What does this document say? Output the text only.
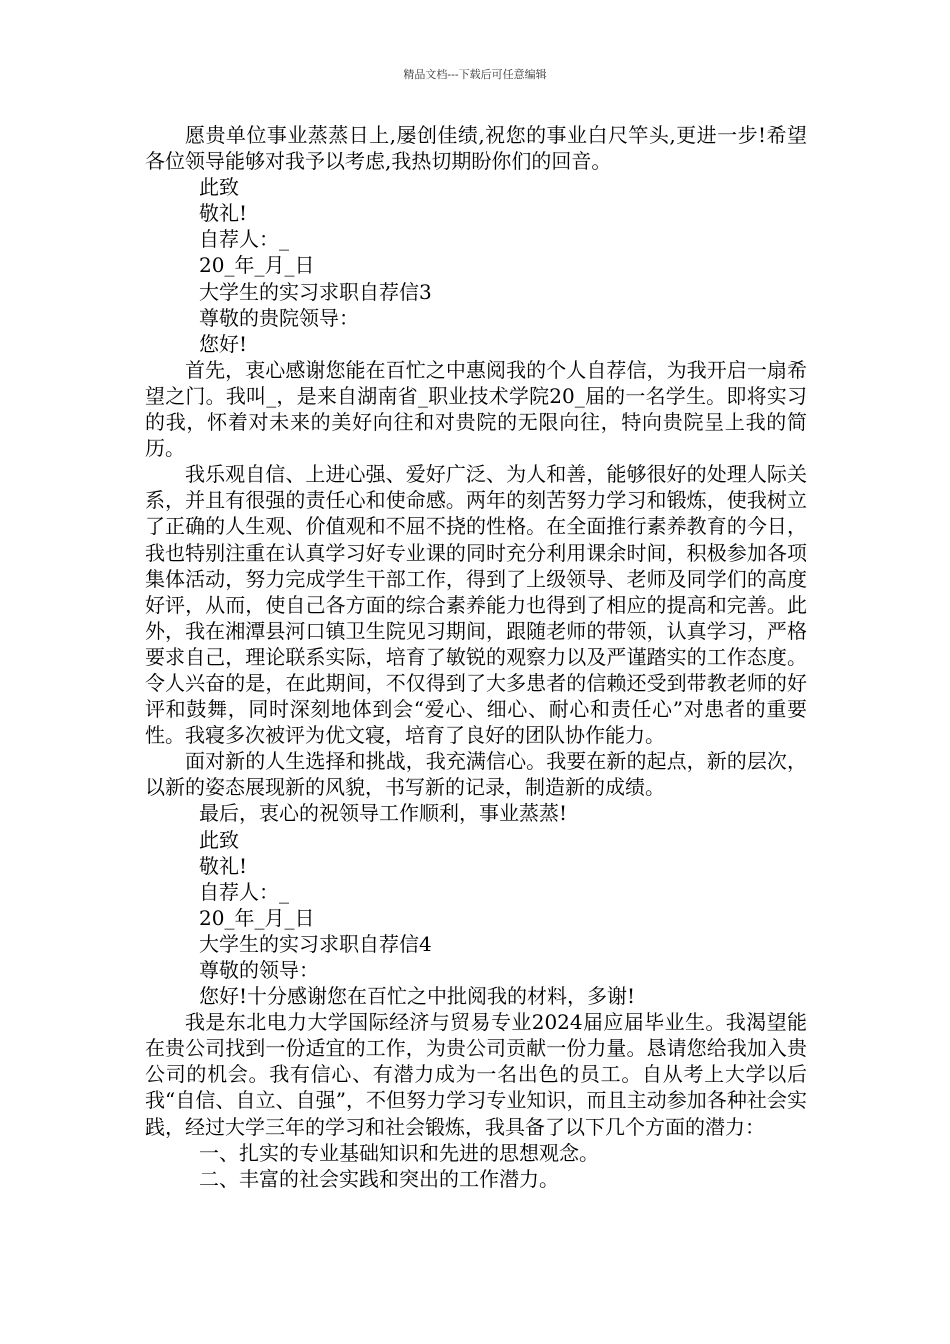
精品文档---下载后可任意编辑

愿贵单位事业蒸蒸日上,屡创佳绩,祝您的事业白尺竿头,更进一步!希望各位领导能够对我予以考虑,我热切期盼你们的回音。

此致

敬礼!

自荐人：_

20_年_月_日

大学生的实习求职自荐信3

尊敬的贵院领导：

您好!

首先，衷心感谢您能在百忙之中惠阅我的个人自荐信，为我开启一扇希望之门。我叫_，是来自湖南省_职业技术学院20_届的一名学生。即将实习的我，怀着对未来的美好向往和对贵院的无限向往，特向贵院呈上我的简历。

我乐观自信、上进心强、爱好广泛、为人和善，能够很好的处理人际关系，并且有很强的责任心和使命感。两年的刻苦努力学习和锻炼，使我树立了正确的人生观、价值观和不屈不挠的性格。在全面推行素养教育的今日，我也特别注重在认真学习好专业课的同时充分利用课余时间，积极参加各项集体活动，努力完成学生干部工作，得到了上级领导、老师及同学们的高度好评，从而，使自己各方面的综合素养能力也得到了相应的提高和完善。此外，我在湘潭县河口镇卫生院见习期间，跟随老师的带领，认真学习，严格要求自己，理论联系实际，培育了敏锐的观察力以及严谨踏实的工作态度。令人兴奋的是，在此期间，不仅得到了大多患者的信赖还受到带教老师的好评和鼓舞，同时深刻地体到会“爱心、细心、耐心和责任心”对患者的重要性。我寝多次被评为优文寝，培育了良好的团队协作能力。

面对新的人生选择和挑战，我充满信心。我要在新的起点，新的层次，以新的姿态展现新的风貌，书写新的记录，制造新的成绩。

最后，衷心的祝领导工作顺利，事业蒸蒸!

此致

敬礼!

自荐人：_

20_年_月_日

大学生的实习求职自荐信4

尊敬的领导：

您好!十分感谢您在百忙之中批阅我的材料，多谢!

我是东北电力大学国际经济与贸易专业2024届应届毕业生。我渴望能在贵公司找到一份适宜的工作，为贵公司贡献一份力量。恳请您给我加入贵公司的机会。我有信心、有潜力成为一名出色的员工。自从考上大学以后我“自信、自立、自强”，不但努力学习专业知识，而且主动参加各种社会实践，经过大学三年的学习和社会锻炼，我具备了以下几个方面的潜力：

一、扎实的专业基础知识和先进的思想观念。

二、丰富的社会实践和突出的工作潜力。
